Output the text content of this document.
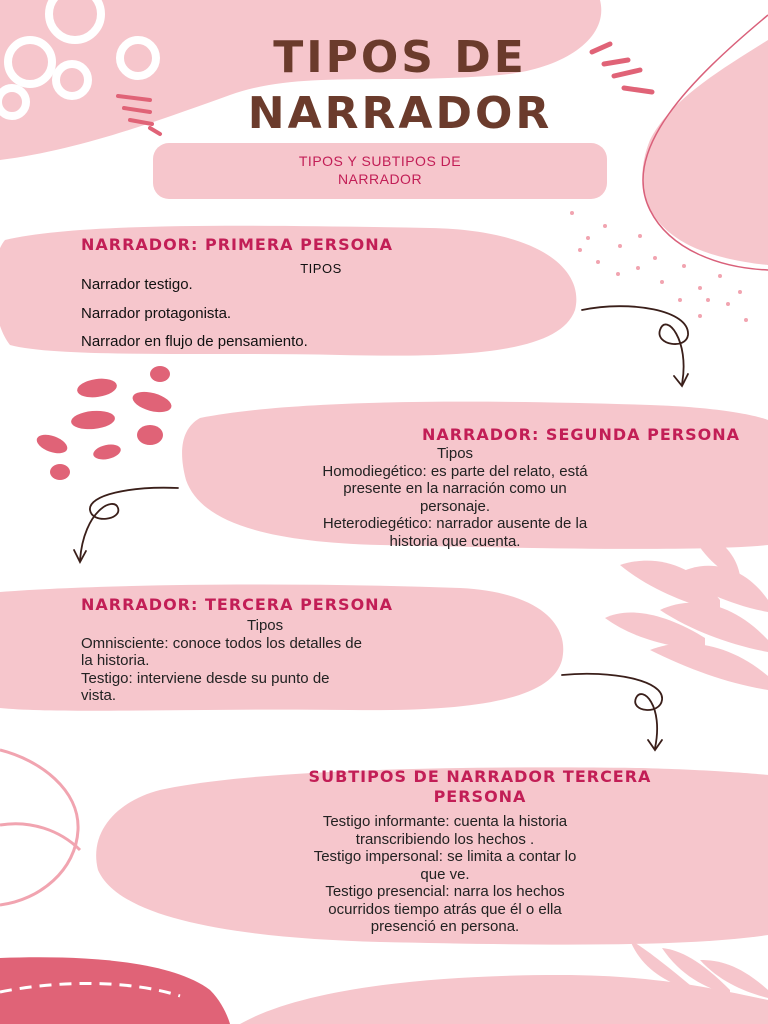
TIPOS DE
NARRADOR
TIPOS Y SUBTIPOS DE
NARRADOR
NARRADOR: PRIMERA PERSONA
TIPOS
Narrador testigo.
Narrador protagonista.
Narrador en flujo de pensamiento.
NARRADOR: SEGUNDA PERSONA
Tipos
Homodiegético: es parte del relato, está
presente en la narración como un
personaje.
Heterodiegético: narrador ausente de la
historia que cuenta.
NARRADOR: TERCERA PERSONA
Tipos
Omnisciente: conoce todos los detalles de
la historia.
Testigo: interviene desde su punto de
vista.
SUBTIPOS DE NARRADOR TERCERA
PERSONA
Testigo informante: cuenta la historia
transcribiendo los hechos .
Testigo impersonal: se limita a contar lo
que ve.
Testigo presencial: narra los hechos
ocurridos tiempo atrás que él o ella
presenció en persona.
